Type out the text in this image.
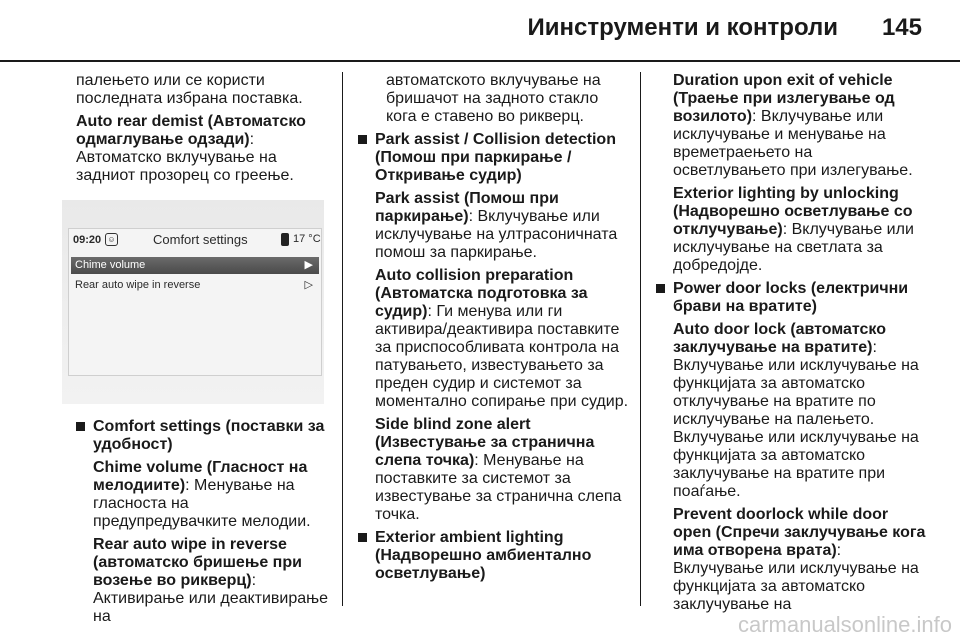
Иинструменти и контроли 145

палењето или се користи последната избрана поставка.

Auto rear demist (Автоматско одмаглување одзади): Автоматско вклучување на задниот прозорец со греење.

09:20 ☺	Comfort settings	17 °C
Chime volume	▶
Rear auto wipe in reverse	▷
Comfort settings (поставки за удобност)

Chime volume (Гласност на мелодиите): Менување на гласноста на предупредувачките мелодии.

Rear auto wipe in reverse (автоматско бришење при возење во рикверц): Активирање или деактивирање на

автоматското вклучување на бришачот на задното стакло кога е ставено во рикверц.

Park assist / Collision detection (Помош при паркирање / Откривање судир)

Park assist (Помош при паркирање): Вклучување или исклучување на ултрасоничната помош за паркирање.

Auto collision preparation (Автоматска подготовка за судир): Ги менува или ги активира/деактивира поставките за приспособливата контрола на патувањето, известувањето за преден судир и системот за моментално сопирање при судир.

Side blind zone alert (Известување за странична слепа точка): Менување на поставките за системот за известување за странична слепа точка.

Exterior ambient lighting (Надворешно амбиентално осветлување)

Duration upon exit of vehicle (Траење при излегување од возилото): Вклучување или исклучување и менување на времетраењето на осветлувањето при излегување.

Exterior lighting by unlocking (Надворешно осветлување со отклучување): Вклучување или исклучување на светлата за добредојде.

Power door locks (електрични брави на вратите)

Auto door lock (автоматско заклучување на вратите): Вклучување или исклучување на функцијата за автоматско отклучување на вратите по исклучување на палењето. Вклучување или исклучување на функцијата за автоматско заклучување на вратите при поаѓање.

Prevent doorlock while door open (Спречи заклучување кога има отворена врата): Вклучување или исклучување на функцијата за автоматско заклучување на

carmanualsonline.info
